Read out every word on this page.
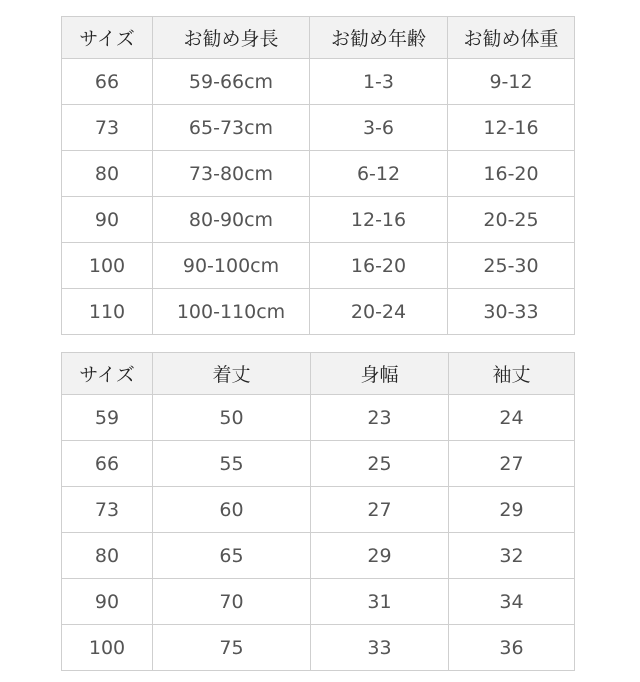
サイズ	お勧め身長	お勧め年齢	お勧め体重
66	59-66cm	1-3	9-12
73	65-73cm	3-6	12-16
80	73-80cm	6-12	16-20
90	80-90cm	12-16	20-25
100	90-100cm	16-20	25-30
110	100-110cm	20-24	30-33
サイズ	着丈	身幅	袖丈
59	50	23	24
66	55	25	27
73	60	27	29
80	65	29	32
90	70	31	34
100	75	33	36
